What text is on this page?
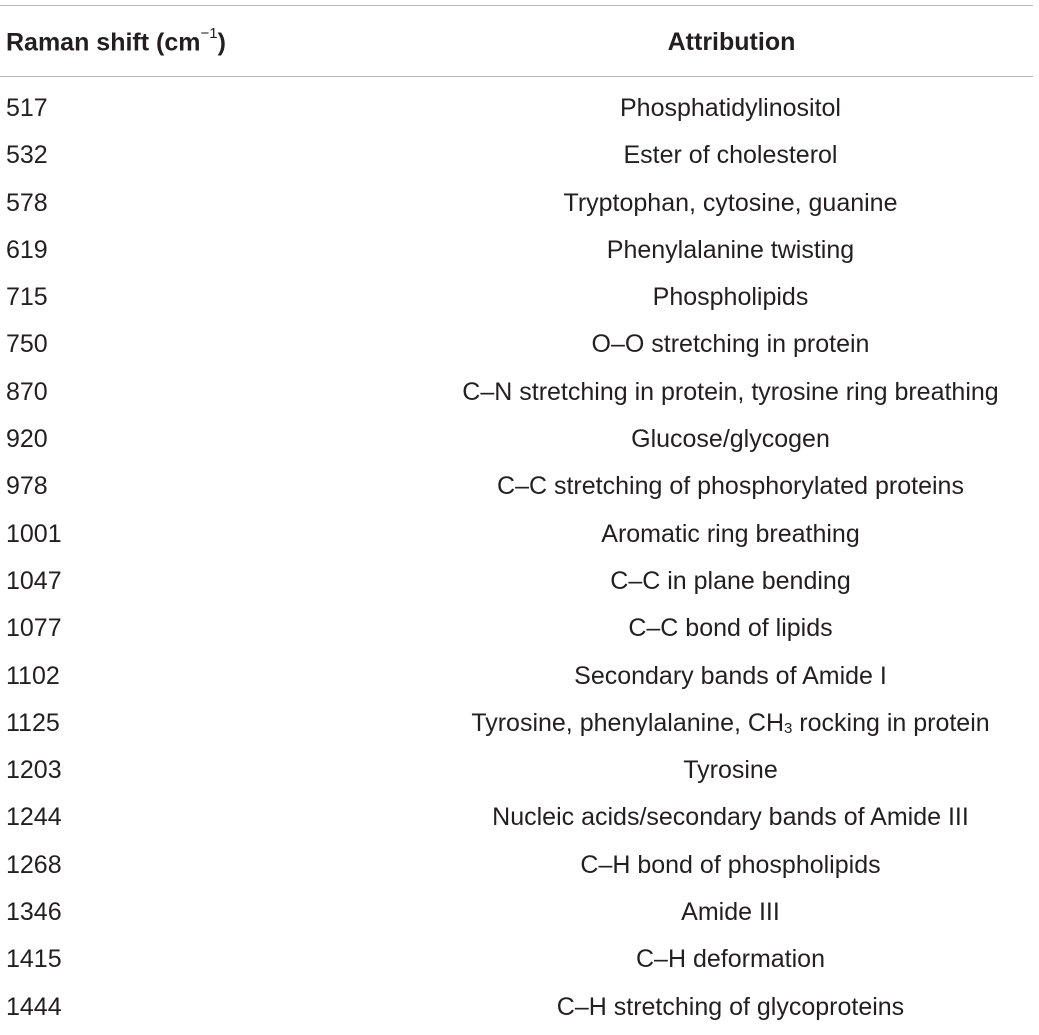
Raman shift $(cm^{-1})$	Attribution
517	Phosphatidylinositol
532	Ester of cholesterol
578	Tryptophan, cytosine, guanine
619	Phenylalanine twisting
715	Phospholipids
750	O–O stretching in protein
870	C–N stretching in protein, tyrosine ring breathing
920	Glucose/glycogen
978	C–C stretching of phosphorylated proteins
1001	Aromatic ring breathing
1047	C–C in plane bending
1077	C–C bond of lipids
1102	Secondary bands of Amide I
1125	Tyrosine, phenylalanine, $CH_3$ rocking in protein
1203	Tyrosine
1244	Nucleic acids/secondary bands of Amide III
1268	C–H bond of phospholipids
1346	Amide III
1415	C–H deformation
1444	C–H stretching of glycoproteins
